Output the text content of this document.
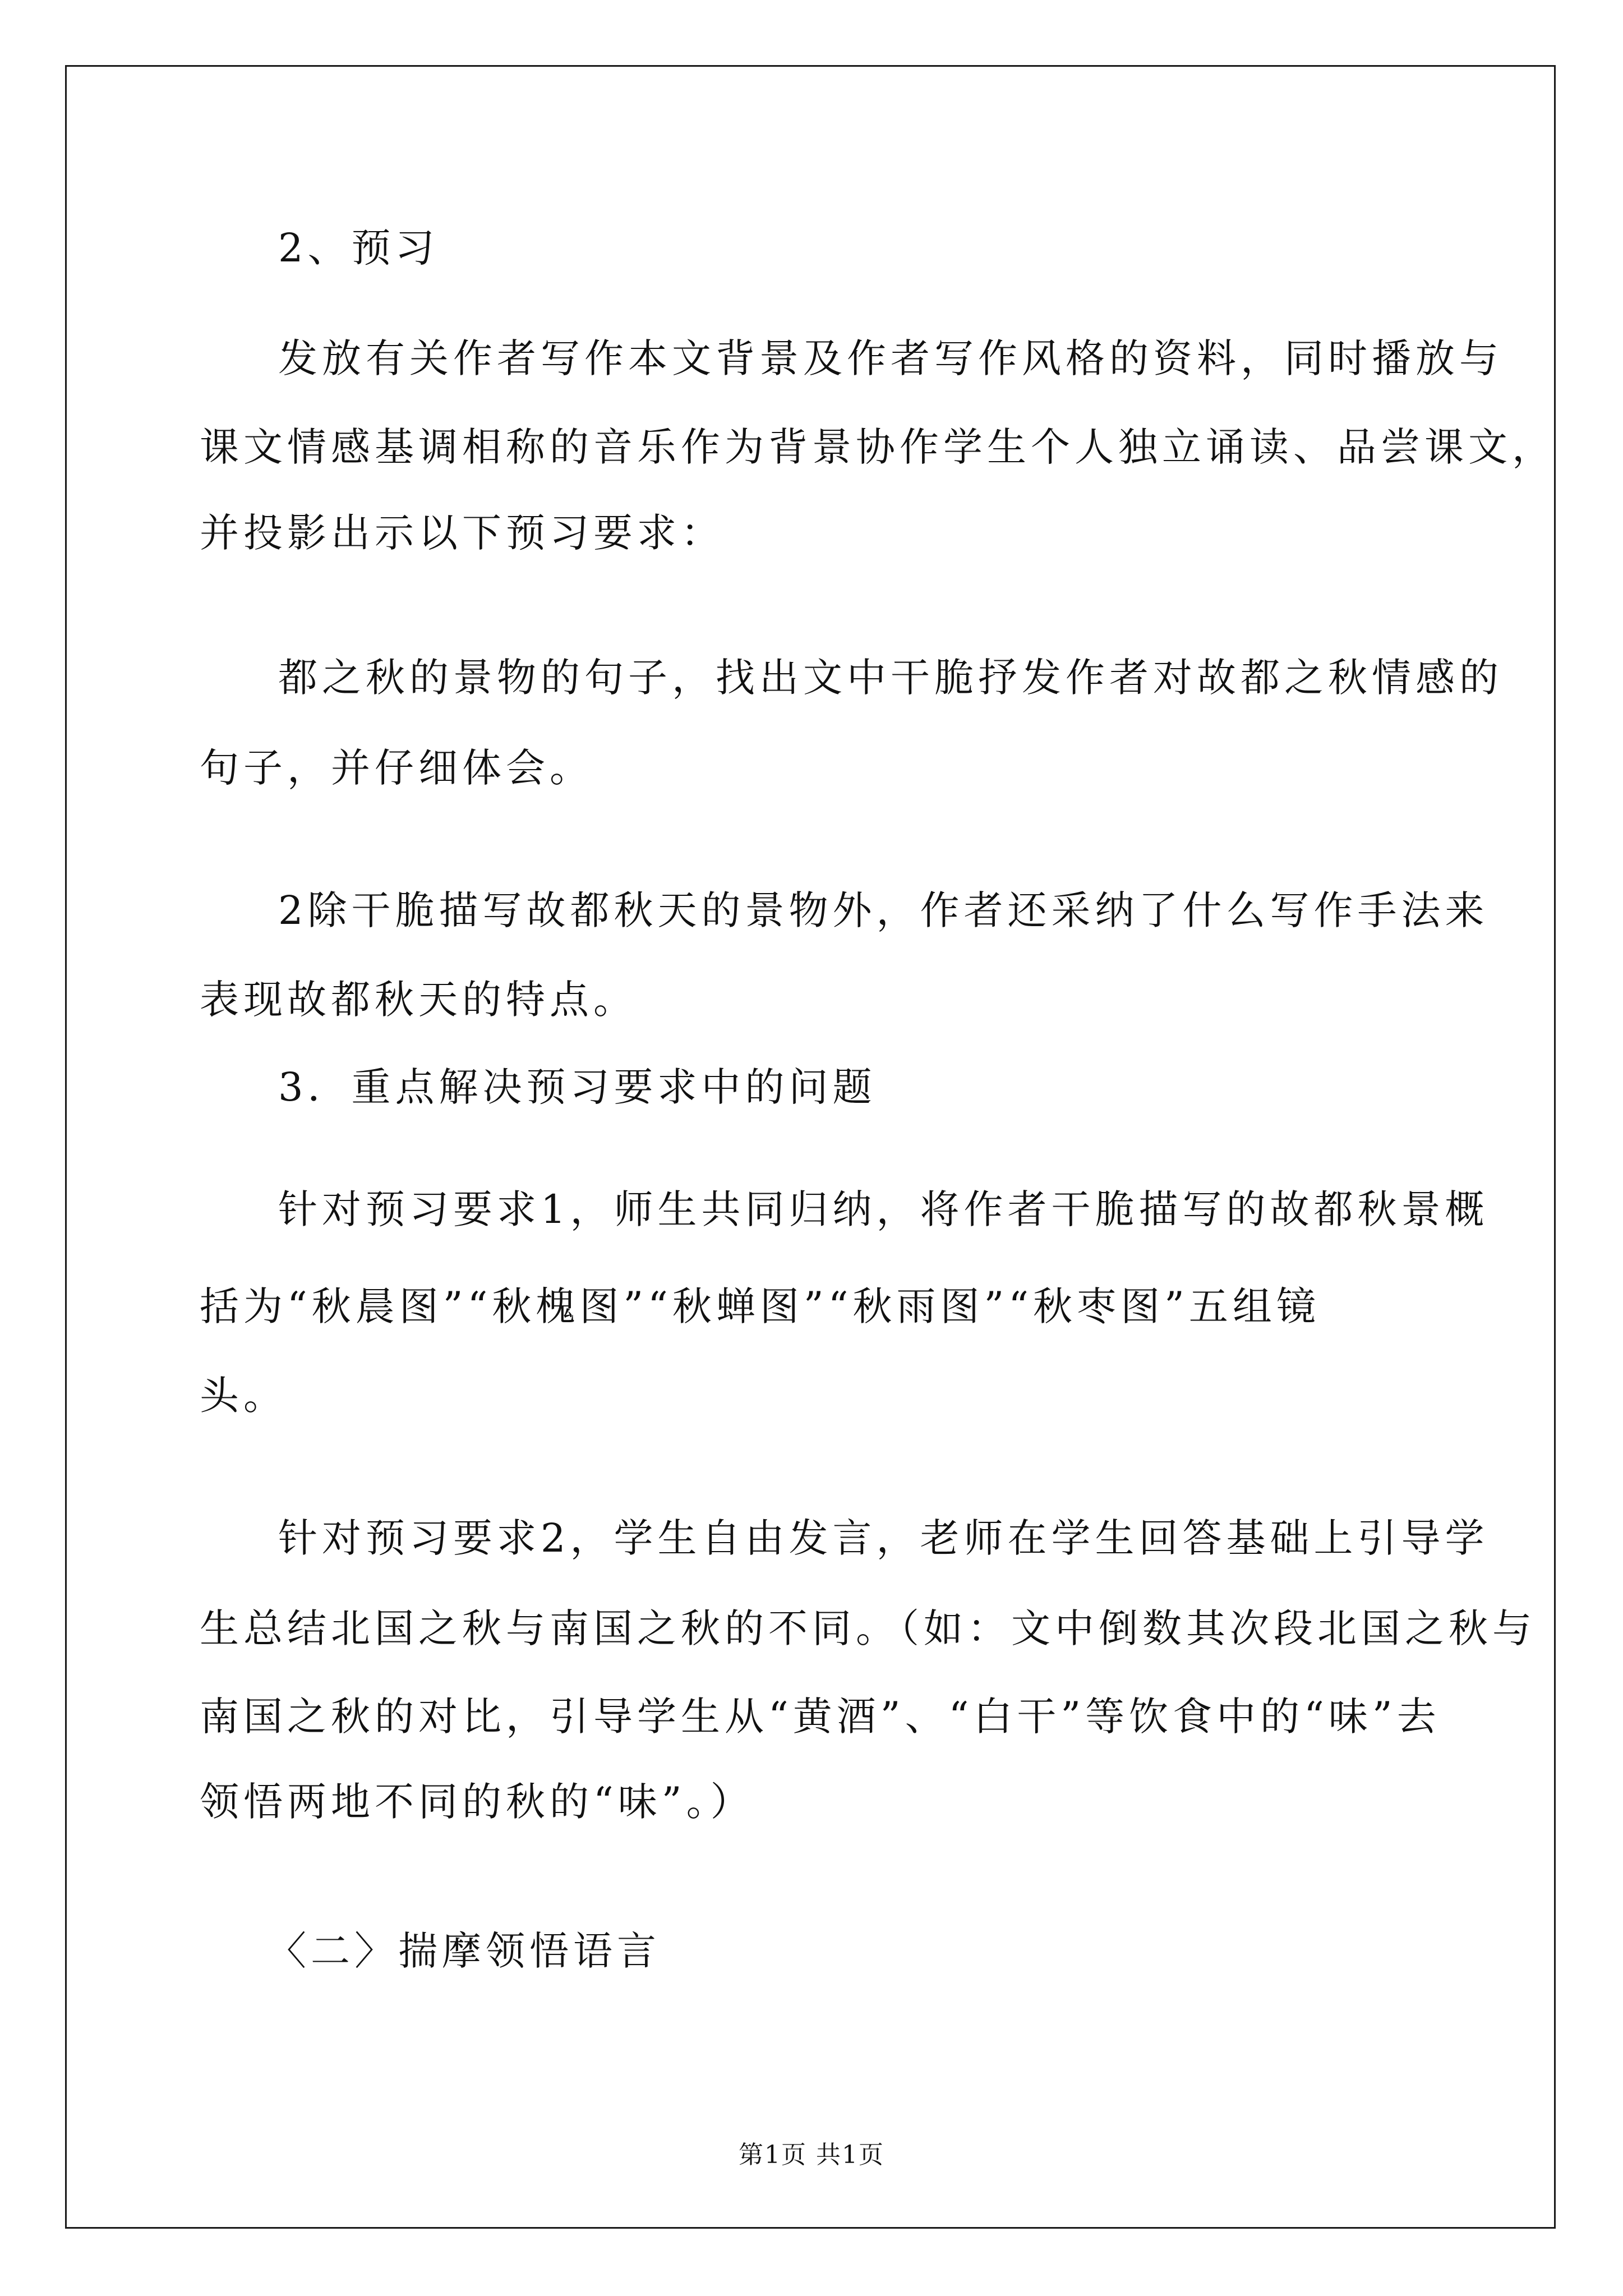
2、预习
发放有关作者写作本文背景及作者写作风格的资料，同时播放与
课文情感基调相称的音乐作为背景协作学生个人独立诵读、品尝课文，
并投影出示以下预习要求：
都之秋的景物的句子，找出文中干脆抒发作者对故都之秋情感的
句子，并仔细体会。
2除干脆描写故都秋天的景物外，作者还采纳了什么写作手法来
表现故都秋天的特点。
3．重点解决预习要求中的问题
针对预习要求1，师生共同归纳，将作者干脆描写的故都秋景概
括为“秋晨图”“秋槐图”“秋蝉图”“秋雨图”“秋枣图”五组镜
头。
针对预习要求2，学生自由发言，老师在学生回答基础上引导学
生总结北国之秋与南国之秋的不同。（如：文中倒数其次段北国之秋与
南国之秋的对比，引导学生从“黄酒”、“白干”等饮食中的“味”去
领悟两地不同的秋的“味”。）
〈二〉揣摩领悟语言
第1页 共1页
